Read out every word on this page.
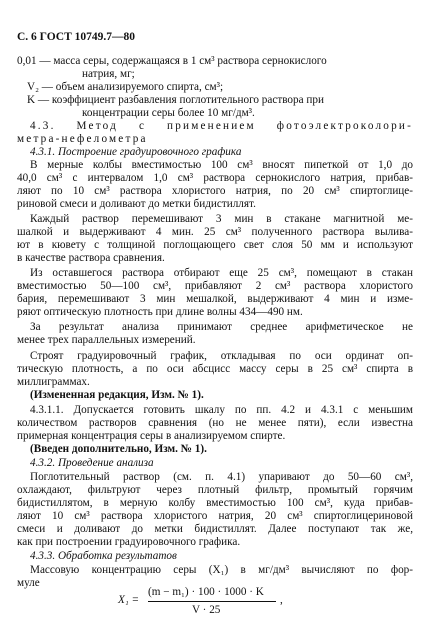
С. 6 ГОСТ 10749.7—80
0,01 — масса серы, содержащаяся в 1 см³ раствора сернокислого
натрия, мг;
V₂ — объем анализируемого спирта, см³;
K — коэффициент разбавления поглотительного раствора при
концентрации серы более 10 мг/дм³.
4.3. Метод с применением фотоэлектроколори-
метра-нефелометра
4.3.1. Построение градуировочного графика
В мерные колбы вместимостью 100 см³ вносят пипеткой от 1,0 до
40,0 см³ с интервалом 1,0 см³ раствора сернокислого натрия, прибав-
ляют по 10 см³ раствора хлористого натрия, по 20 см³ спиртоглице-
риновой смеси и доливают до метки бидистиллят.
Каждый раствор перемешивают 3 мин в стакане магнитной ме-
шалкой и выдерживают 4 мин. 25 см³ полученного раствора вылива-
ют в кювету с толщиной поглощающего свет слоя 50 мм и используют
в качестве раствора сравнения.
Из оставшегося раствора отбирают еще 25 см³, помещают в стакан
вместимостью 50—100 см³, прибавляют 2 см³ раствора хлористого
бария, перемешивают 3 мин мешалкой, выдерживают 4 мин и изме-
ряют оптическую плотность при длине волны 434—490 нм.
За результат анализа принимают среднее арифметическое не
менее трех параллельных измерений.
Строят градуировочный график, откладывая по оси ординат оп-
тическую плотность, а по оси абсцисс массу серы в 25 см³ спирта в
миллиграммах.
(Измененная редакция, Изм. № 1).
4.3.1.1. Допускается готовить шкалу по пп. 4.2 и 4.3.1 с меньшим
количеством растворов сравнения (но не менее пяти), если известна
примерная концентрация серы в анализируемом спирте.
(Введен дополнительно, Изм. № 1).
4.3.2. Проведение анализа
Поглотительный раствор (см. п. 4.1) упаривают до 50—60 см³,
охлаждают, фильтруют через плотный фильтр, промытый горячим
бидистиллятом, в мерную колбу вместимостью 100 см³, куда прибав-
ляют 10 см³ раствора хлористого натрия, 20 см³ спиртоглицериновой
смеси и доливают до метки бидистиллят. Далее поступают так же,
как при построении градуировочного графика.
4.3.3. Обработка результатов
Массовую концентрацию серы (X₁) в мг/дм³ вычисляют по фор-
муле
X₁ =
(m − m₁) · 100 · 1000 · K
V · 25
,
